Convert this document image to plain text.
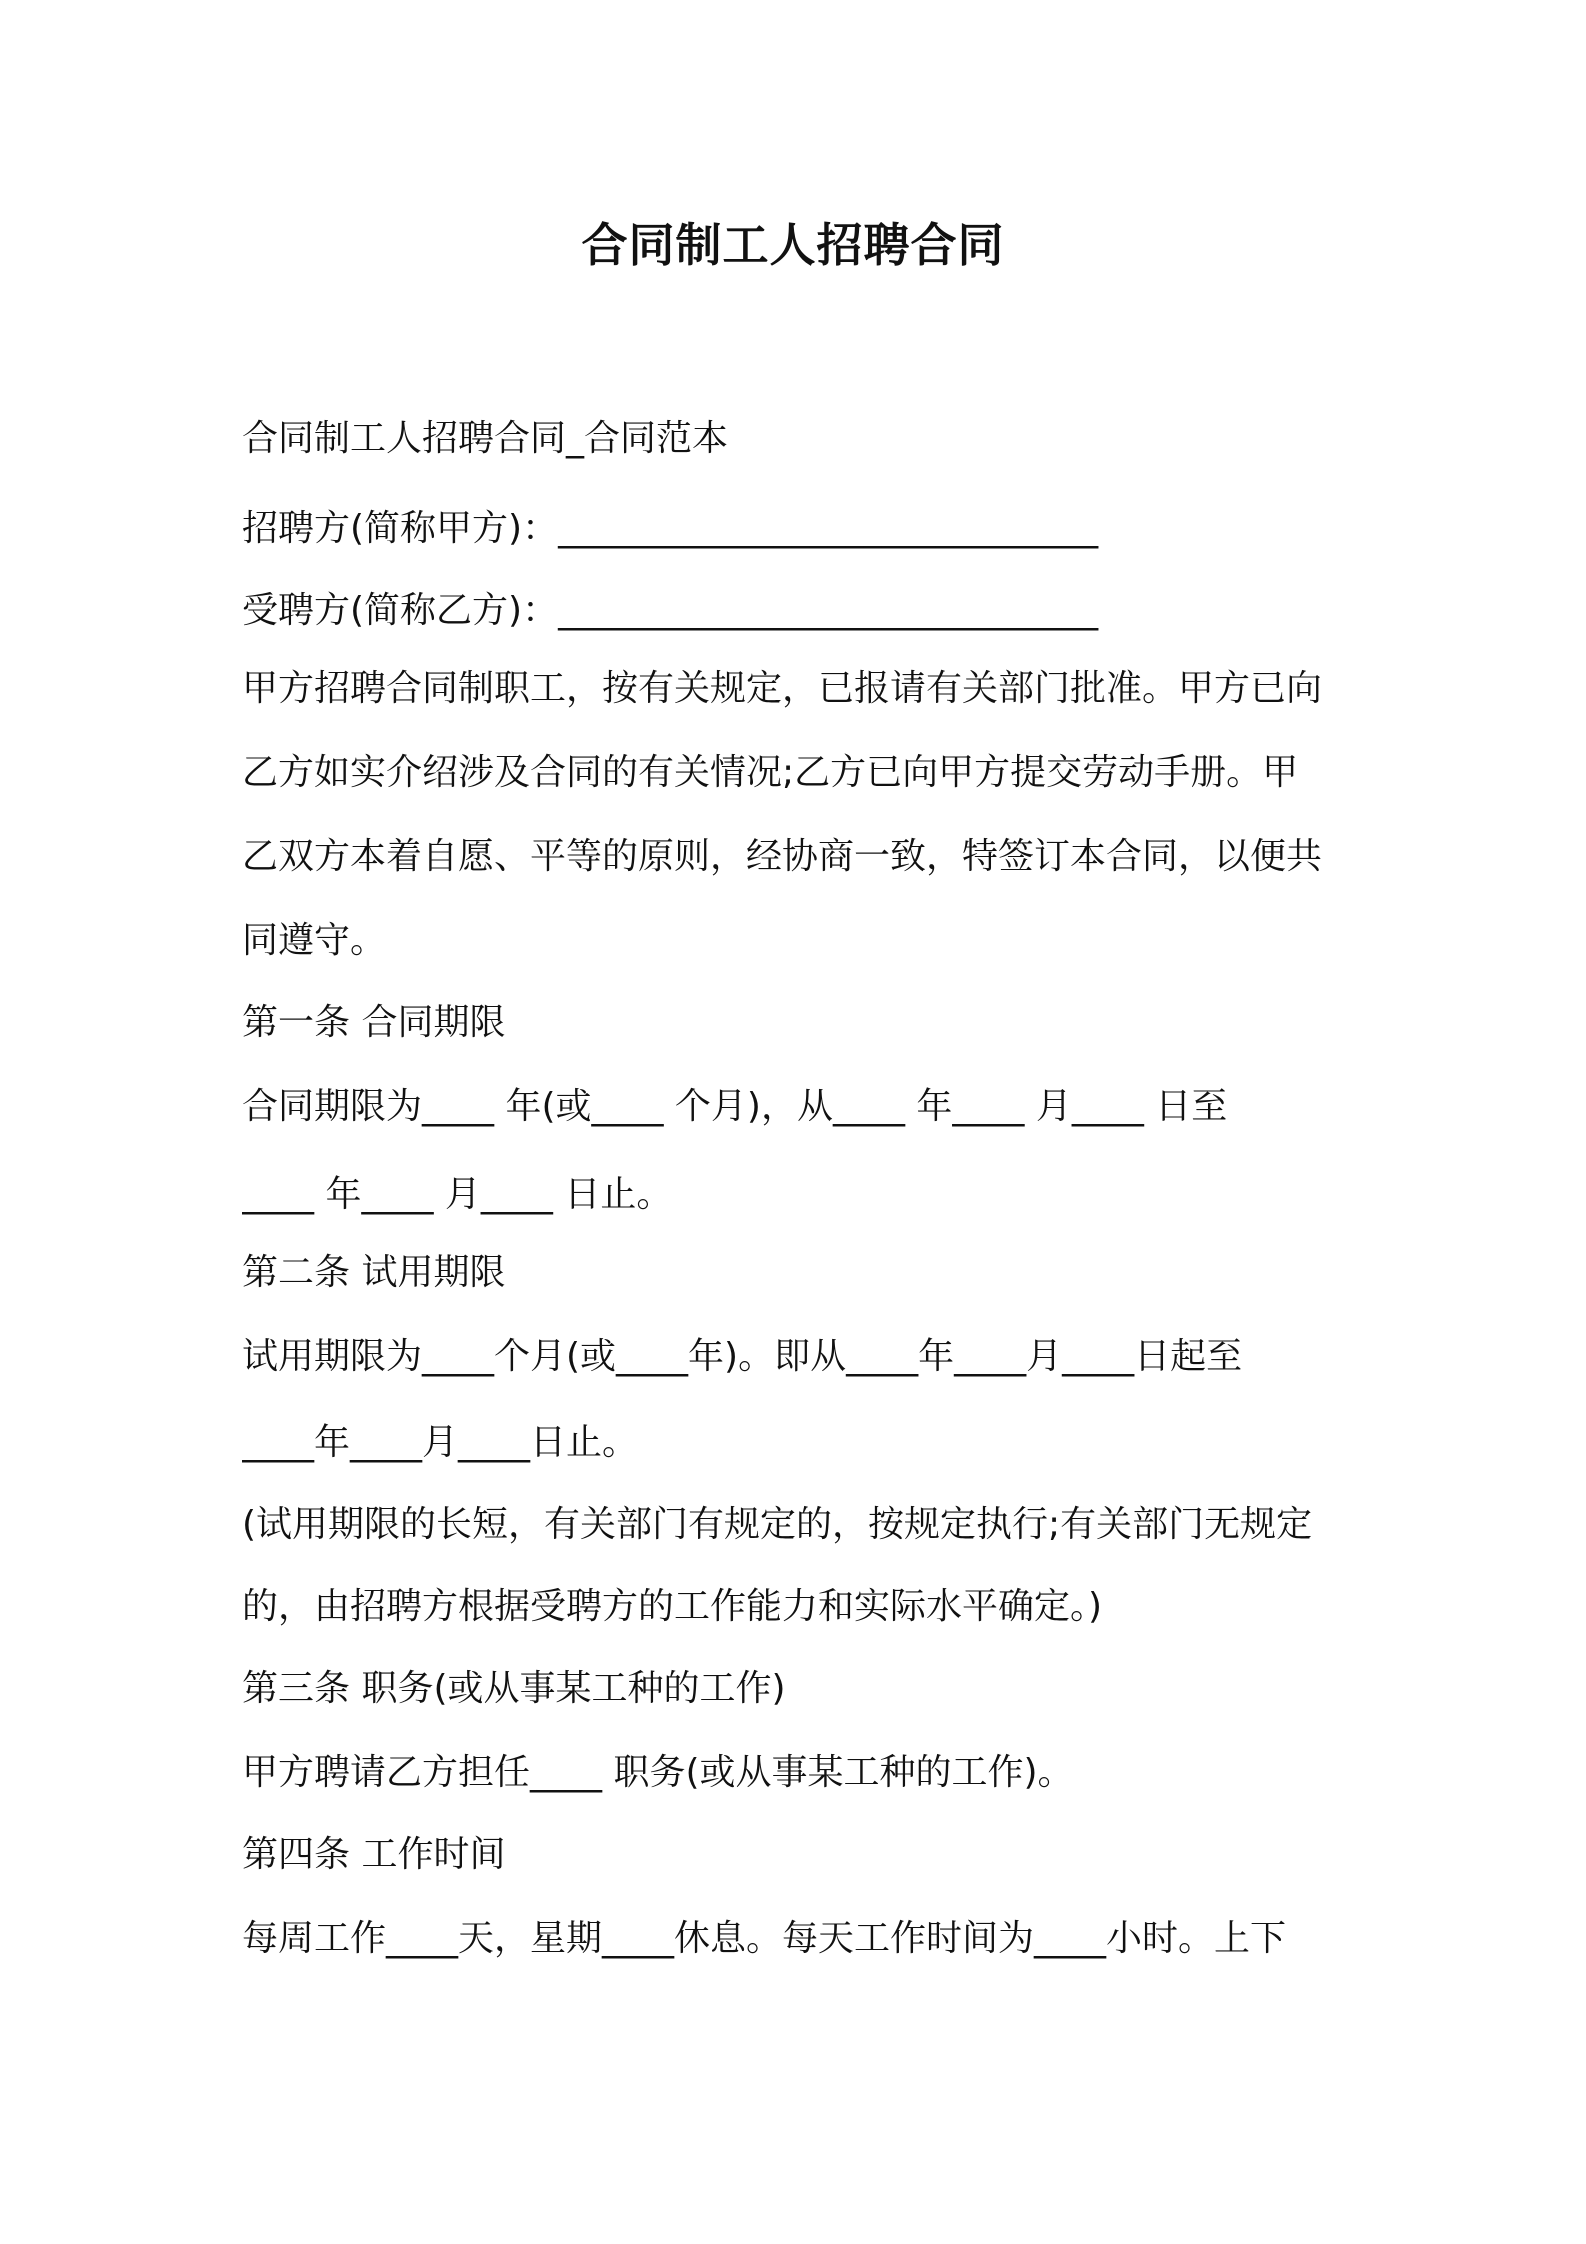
合同制工人招聘合同
合同制工人招聘合同_合同范本
招聘方(简称甲方)：______________________________
受聘方(简称乙方)：______________________________
甲方招聘合同制职工，按有关规定，已报请有关部门批准。甲方已向
乙方如实介绍涉及合同的有关情况;乙方已向甲方提交劳动手册。甲
乙双方本着自愿、平等的原则，经协商一致，特签订本合同，以便共
同遵守。
第一条 合同期限
合同期限为____ 年(或____ 个月)，从____ 年____ 月____ 日至
____ 年____ 月____ 日止。
第二条 试用期限
试用期限为____个月(或____年)。即从____年____月____日起至
____年____月____日止。
(试用期限的长短，有关部门有规定的，按规定执行;有关部门无规定
的，由招聘方根据受聘方的工作能力和实际水平确定。)
第三条 职务(或从事某工种的工作)
甲方聘请乙方担任____ 职务(或从事某工种的工作)。
第四条 工作时间
每周工作____天，星期____休息。每天工作时间为____小时。上下
